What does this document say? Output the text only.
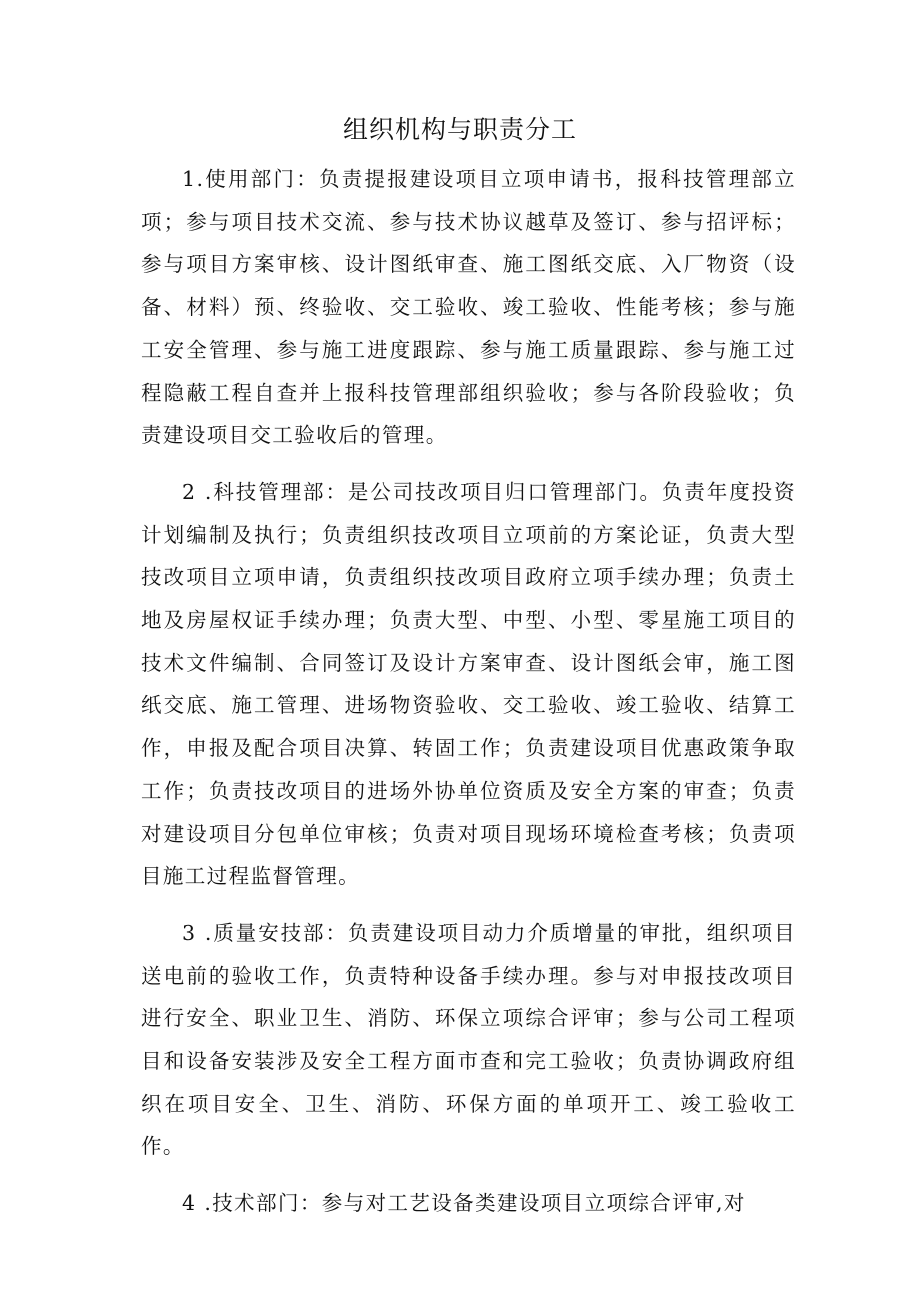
组织机构与职责分工

1.使用部门：负责提报建设项目立项申请书，报科技管理部立项；参与项目技术交流、参与技术协议越草及签订、参与招评标；参与项目方案审核、设计图纸审查、施工图纸交底、入厂物资（设备、材料）预、终验收、交工验收、竣工验收、性能考核；参与施工安全管理、参与施工进度跟踪、参与施工质量跟踪、参与施工过程隐蔽工程自查并上报科技管理部组织验收；参与各阶段验收；负责建设项目交工验收后的管理。

2 .科技管理部：是公司技改项目归口管理部门。负责年度投资计划编制及执行；负责组织技改项目立项前的方案论证，负责大型技改项目立项申请，负责组织技改项目政府立项手续办理；负责土地及房屋权证手续办理；负责大型、中型、小型、零星施工项目的技术文件编制、合同签订及设计方案审查、设计图纸会审，施工图纸交底、施工管理、进场物资验收、交工验收、竣工验收、结算工作，申报及配合项目决算、转固工作；负责建设项目优惠政策争取工作；负责技改项目的进场外协单位资质及安全方案的审查；负责对建设项目分包单位审核；负责对项目现场环境检查考核；负责项目施工过程监督管理。

3 .质量安技部：负责建设项目动力介质增量的审批，组织项目送电前的验收工作，负责特种设备手续办理。参与对申报技改项目进行安全、职业卫生、消防、环保立项综合评审；参与公司工程项目和设备安装涉及安全工程方面市查和完工验收；负责协调政府组织在项目安全、卫生、消防、环保方面的单项开工、竣工验收工作。

4 .技术部门：参与对工艺设备类建设项目立项综合评审,对
